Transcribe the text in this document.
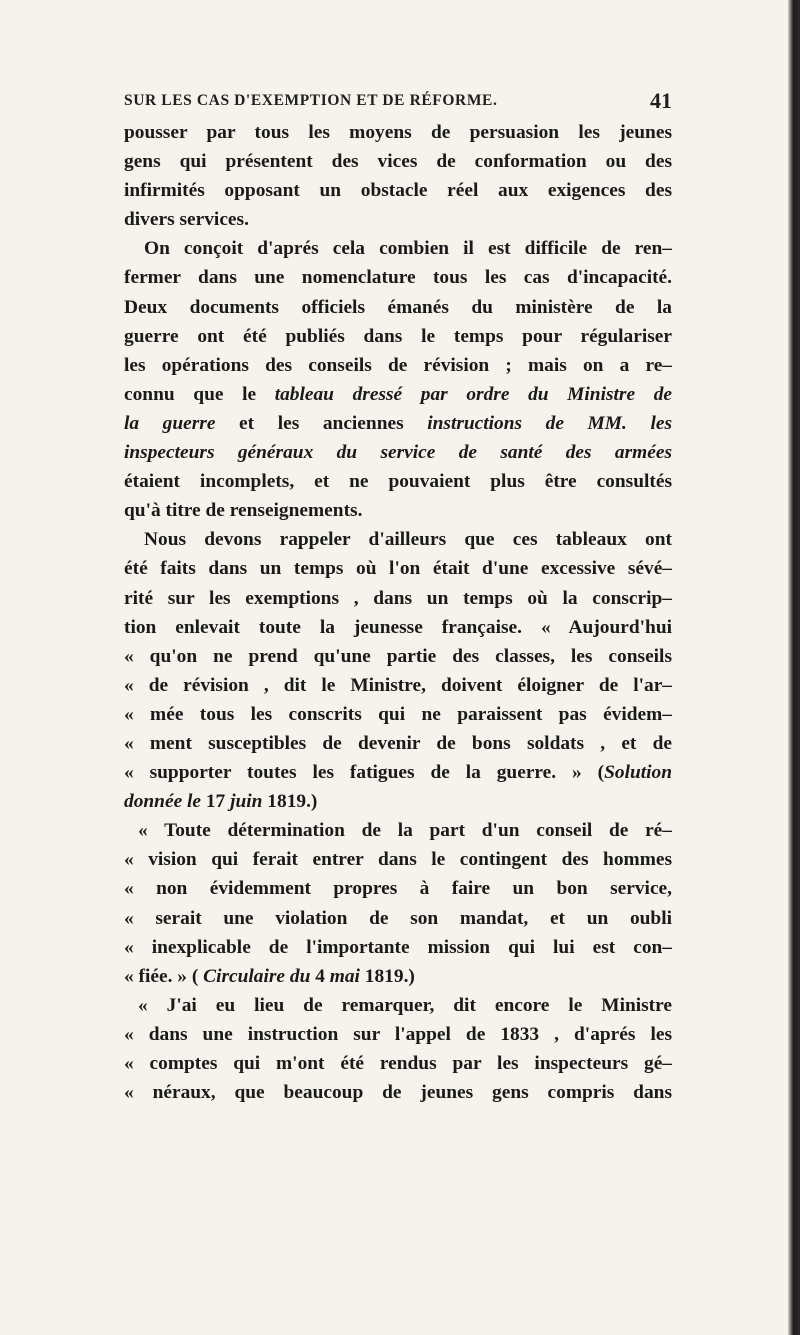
SUR LES CAS D'EXEMPTION ET DE RÉFORME.	41
pousser par tous les moyens de persuasion les jeunes
gens qui présentent des vices de conformation ou des
infirmités opposant un obstacle réel aux exigences des
divers services.
On conçoit d'aprés cela combien il est difficile de ren–
fermer dans une nomenclature tous les cas d'incapacité.
Deux documents officiels émanés du ministère de la
guerre ont été publiés dans le temps pour régulariser
les opérations des conseils de révision ; mais on a re–
connu que le tableau dressé par ordre du Ministre de
la guerre et les anciennes instructions de MM. les
inspecteurs généraux du service de santé des armées
étaient incomplets, et ne pouvaient plus être consultés
qu'à titre de renseignements.
Nous devons rappeler d'ailleurs que ces tableaux ont
été faits dans un temps où l'on était d'une excessive sévé–
rité sur les exemptions , dans un temps où la conscrip–
tion enlevait toute la jeunesse française. « Aujourd'hui
« qu'on ne prend qu'une partie des classes, les conseils
« de révision , dit le Ministre, doivent éloigner de l'ar–
« mée tous les conscrits qui ne paraissent pas évidem–
« ment susceptibles de devenir de bons soldats , et de
« supporter toutes les fatigues de la guerre. » (Solution
donnée le 17 juin 1819.)
« Toute détermination de la part d'un conseil de ré–
« vision qui ferait entrer dans le contingent des hommes
« non évidemment propres à faire un bon service,
« serait une violation de son mandat, et un oubli
« inexplicable de l'importante mission qui lui est con–
« fiée. » ( Circulaire du 4 mai 1819.)
« J'ai eu lieu de remarquer, dit encore le Ministre
« dans une instruction sur l'appel de 1833 , d'aprés les
« comptes qui m'ont été rendus par les inspecteurs gé–
« néraux, que beaucoup de jeunes gens compris dans
